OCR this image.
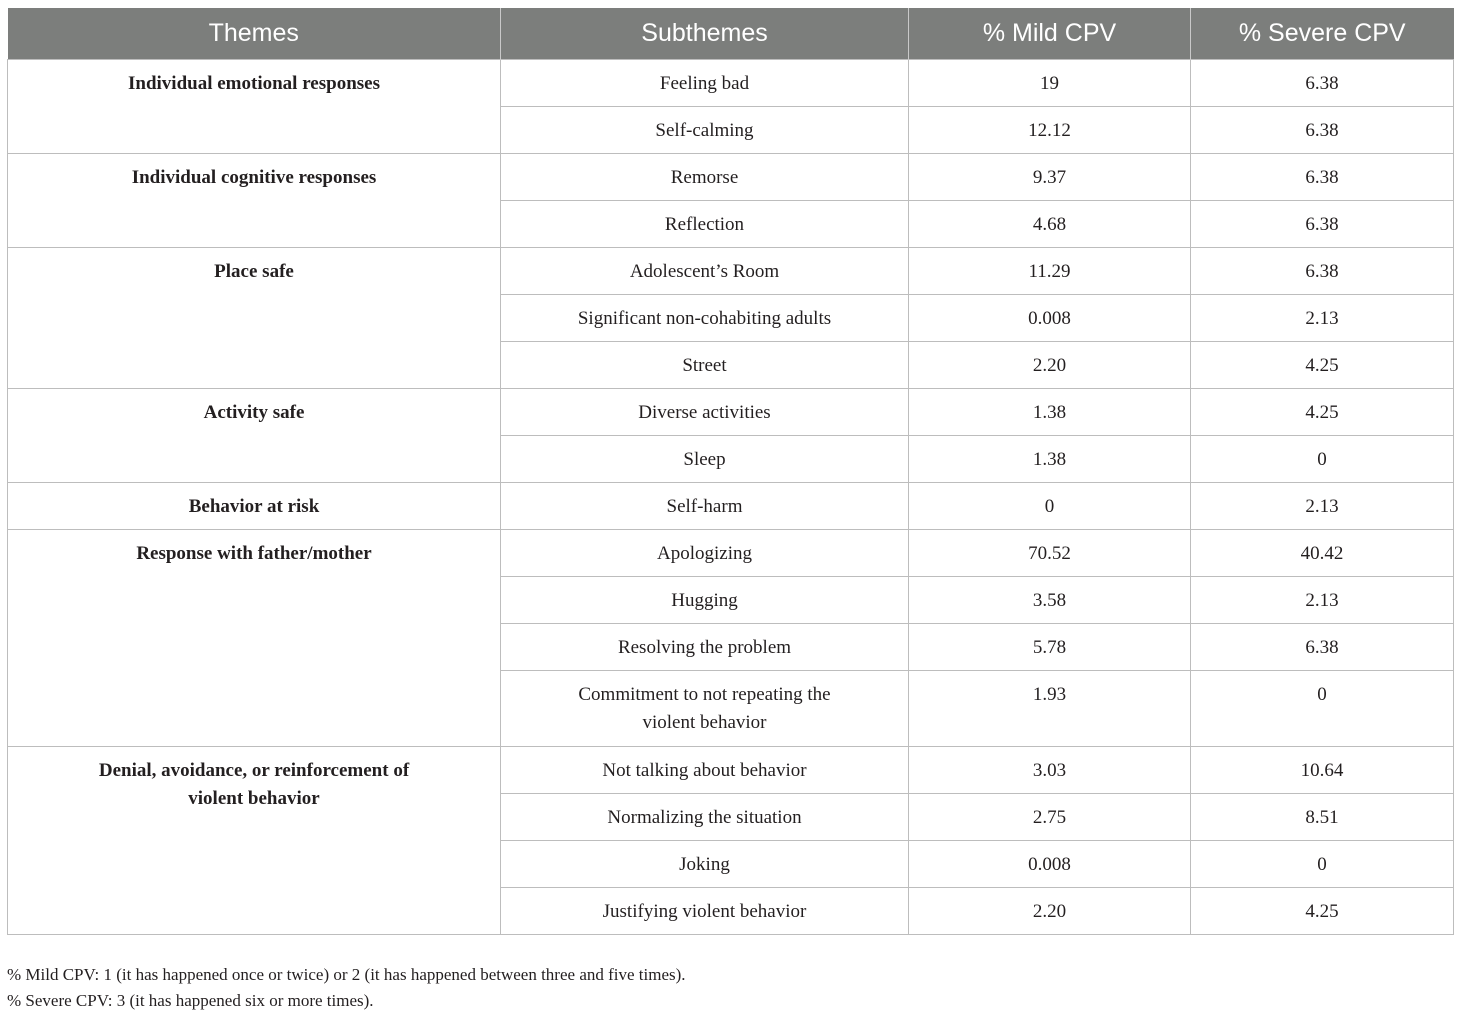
Themes	Subthemes	% Mild CPV	% Severe CPV
Individual emotional responses	Feeling bad	19	6.38
	Self-calming	12.12	6.38
Individual cognitive responses	Remorse	9.37	6.38
	Reflection	4.68	6.38
Place safe	Adolescent’s Room	11.29	6.38
	Significant non-cohabiting adults	0.008	2.13
	Street	2.20	4.25
Activity safe	Diverse activities	1.38	4.25
	Sleep	1.38	0
Behavior at risk	Self-harm	0	2.13
Response with father/mother	Apologizing	70.52	40.42
	Hugging	3.58	2.13
	Resolving the problem	5.78	6.38
	Commitment to not repeating the violent behavior	1.93	0
Denial, avoidance, or reinforcement of violent behavior	Not talking about behavior	3.03	10.64
	Normalizing the situation	2.75	8.51
	Joking	0.008	0
	Justifying violent behavior	2.20	4.25
% Mild CPV: 1 (it has happened once or twice) or 2 (it has happened between three and five times).
% Severe CPV: 3 (it has happened six or more times).
